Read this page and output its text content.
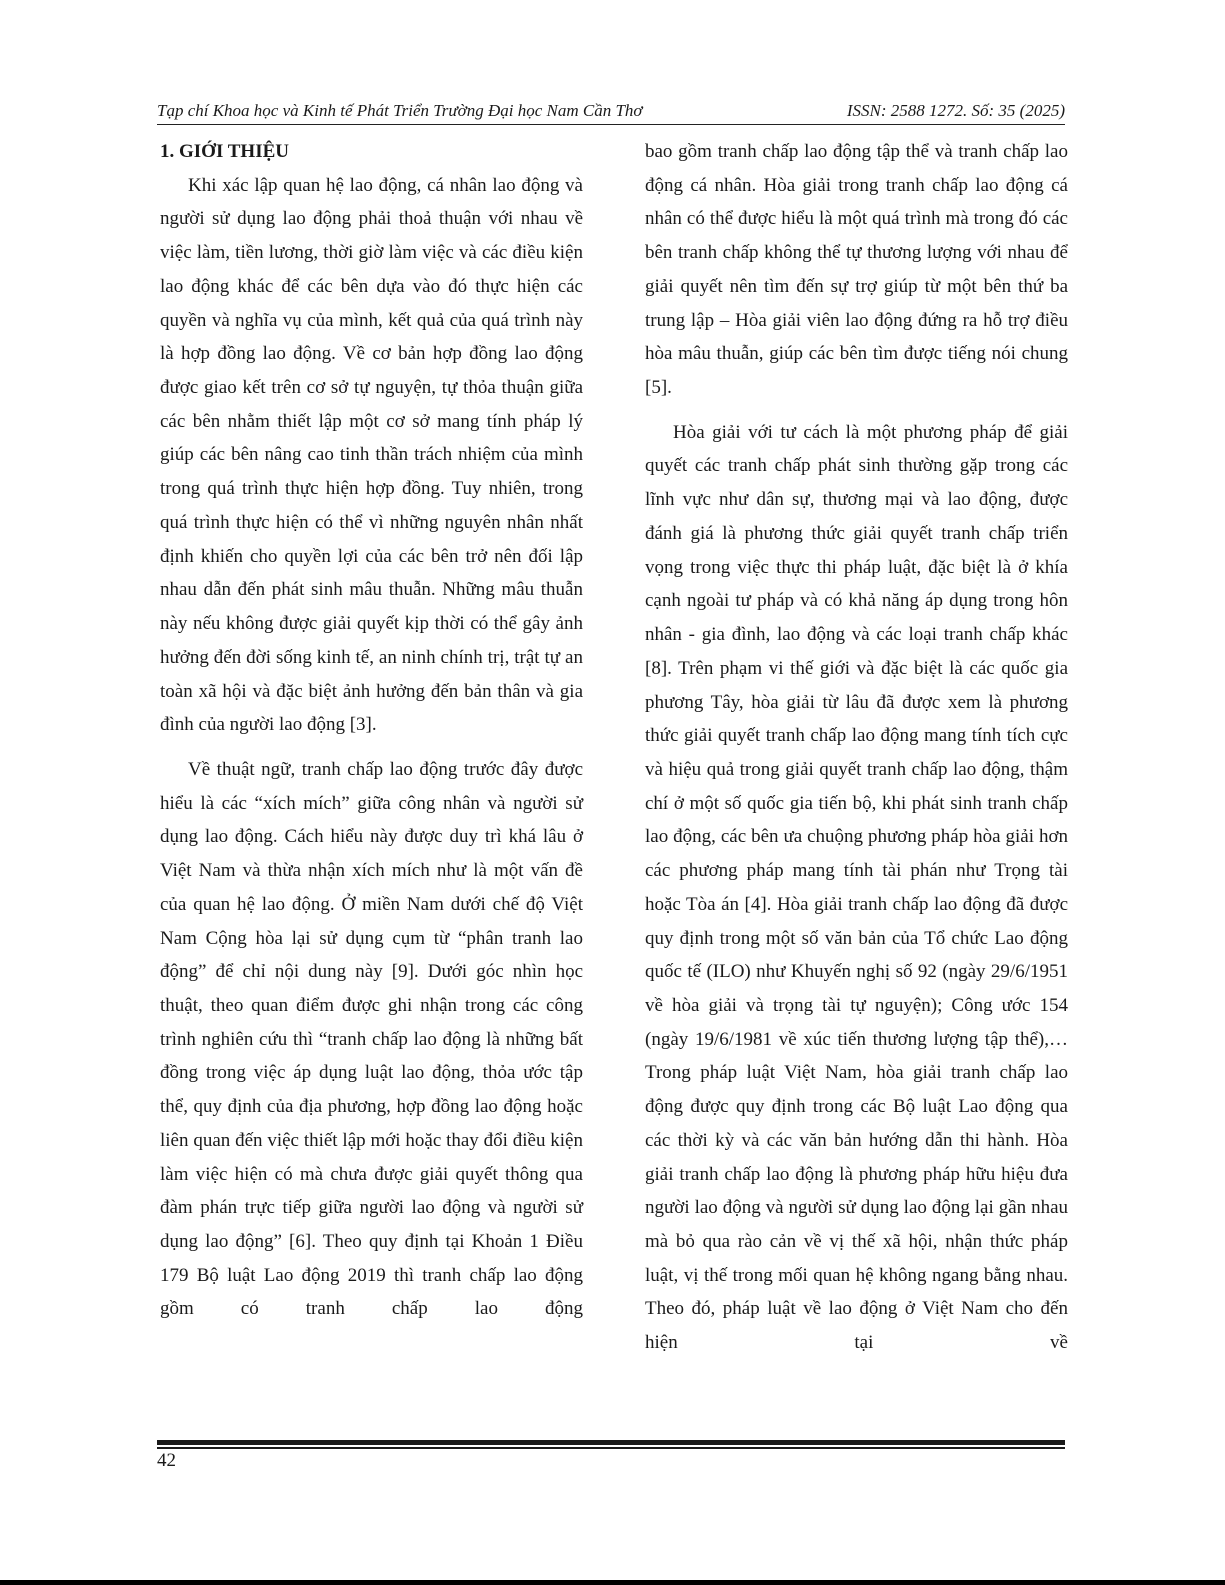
Tạp chí Khoa học và Kinh tế Phát Triển Trường Đại học Nam Cần Thơ	ISSN: 2588 1272. Số: 35 (2025)
1. GIỚI THIỆU

Khi xác lập quan hệ lao động, cá nhân lao động và người sử dụng lao động phải thoả thuận với nhau về việc làm, tiền lương, thời giờ làm việc và các điều kiện lao động khác để các bên dựa vào đó thực hiện các quyền và nghĩa vụ của mình, kết quả của quá trình này là hợp đồng lao động. Về cơ bản hợp đồng lao động được giao kết trên cơ sở tự nguyện, tự thỏa thuận giữa các bên nhằm thiết lập một cơ sở mang tính pháp lý giúp các bên nâng cao tinh thần trách nhiệm của mình trong quá trình thực hiện hợp đồng. Tuy nhiên, trong quá trình thực hiện có thể vì những nguyên nhân nhất định khiến cho quyền lợi của các bên trở nên đối lập nhau dẫn đến phát sinh mâu thuẫn. Những mâu thuẫn này nếu không được giải quyết kịp thời có thể gây ảnh hưởng đến đời sống kinh tế, an ninh chính trị, trật tự an toàn xã hội và đặc biệt ảnh hưởng đến bản thân và gia đình của người lao động [3].

Về thuật ngữ, tranh chấp lao động trước đây được hiểu là các “xích mích” giữa công nhân và người sử dụng lao động. Cách hiểu này được duy trì khá lâu ở Việt Nam và thừa nhận xích mích như là một vấn đề của quan hệ lao động. Ở miền Nam dưới chế độ Việt Nam Cộng hòa lại sử dụng cụm từ “phân tranh lao động” để chỉ nội dung này [9]. Dưới góc nhìn học thuật, theo quan điểm được ghi nhận trong các công trình nghiên cứu thì “tranh chấp lao động là những bất đồng trong việc áp dụng luật lao động, thỏa ước tập thể, quy định của địa phương, hợp đồng lao động hoặc liên quan đến việc thiết lập mới hoặc thay đổi điều kiện làm việc hiện có mà chưa được giải quyết thông qua đàm phán trực tiếp giữa người lao động và người sử dụng lao động” [6]. Theo quy định tại Khoản 1 Điều 179 Bộ luật Lao động 2019 thì tranh chấp lao động gồm có tranh chấp lao động

bao gồm tranh chấp lao động tập thể và tranh chấp lao động cá nhân. Hòa giải trong tranh chấp lao động cá nhân có thể được hiểu là một quá trình mà trong đó các bên tranh chấp không thể tự thương lượng với nhau để giải quyết nên tìm đến sự trợ giúp từ một bên thứ ba trung lập – Hòa giải viên lao động đứng ra hỗ trợ điều hòa mâu thuẫn, giúp các bên tìm được tiếng nói chung [5].

Hòa giải với tư cách là một phương pháp để giải quyết các tranh chấp phát sinh thường gặp trong các lĩnh vực như dân sự, thương mại và lao động, được đánh giá là phương thức giải quyết tranh chấp triển vọng trong việc thực thi pháp luật, đặc biệt là ở khía cạnh ngoài tư pháp và có khả năng áp dụng trong hôn nhân - gia đình, lao động và các loại tranh chấp khác [8]. Trên phạm vi thế giới và đặc biệt là các quốc gia phương Tây, hòa giải từ lâu đã được xem là phương thức giải quyết tranh chấp lao động mang tính tích cực và hiệu quả trong giải quyết tranh chấp lao động, thậm chí ở một số quốc gia tiến bộ, khi phát sinh tranh chấp lao động, các bên ưa chuộng phương pháp hòa giải hơn các phương pháp mang tính tài phán như Trọng tài hoặc Tòa án [4]. Hòa giải tranh chấp lao động đã được quy định trong một số văn bản của Tổ chức Lao động quốc tế (ILO) như Khuyến nghị số 92 (ngày 29/6/1951 về hòa giải và trọng tài tự nguyện); Công ước 154 (ngày 19/6/1981 về xúc tiến thương lượng tập thể),… Trong pháp luật Việt Nam, hòa giải tranh chấp lao động được quy định trong các Bộ luật Lao động qua các thời kỳ và các văn bản hướng dẫn thi hành. Hòa giải tranh chấp lao động là phương pháp hữu hiệu đưa người lao động và người sử dụng lao động lại gần nhau mà bỏ qua rào cản về vị thế xã hội, nhận thức pháp luật, vị thế trong mối quan hệ không ngang bằng nhau. Theo đó, pháp luật về lao động ở Việt Nam cho đến hiện tại về

42
